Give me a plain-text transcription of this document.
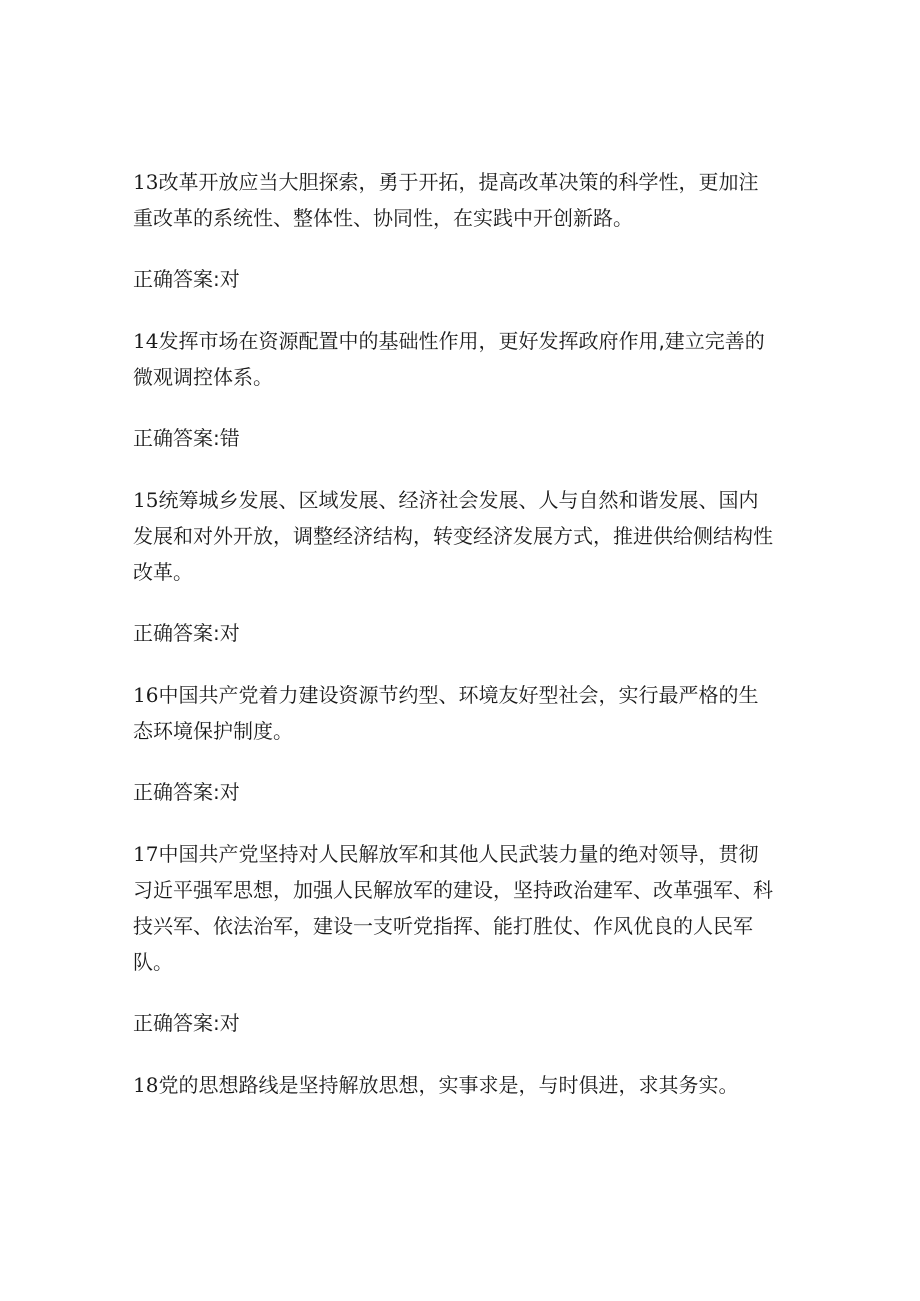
13改革开放应当大胆探索，勇于开拓，提高改革决策的科学性，更加注重改革的系统性、整体性、协同性，在实践中开创新路。

正确答案:对

14发挥市场在资源配置中的基础性作用，更好发挥政府作用,建立完善的微观调控体系。

正确答案:错

15统筹城乡发展、区域发展、经济社会发展、人与自然和谐发展、国内发展和对外开放，调整经济结构，转变经济发展方式，推进供给侧结构性改革。

正确答案:对

16中国共产党着力建设资源节约型、环境友好型社会，实行最严格的生态环境保护制度。

正确答案:对

17中国共产党坚持对人民解放军和其他人民武装力量的绝对领导，贯彻习近平强军思想，加强人民解放军的建设，坚持政治建军、改革强军、科技兴军、依法治军，建设一支听党指挥、能打胜仗、作风优良的人民军队。

正确答案:对

18党的思想路线是坚持解放思想，实事求是，与时俱进，求其务实。
